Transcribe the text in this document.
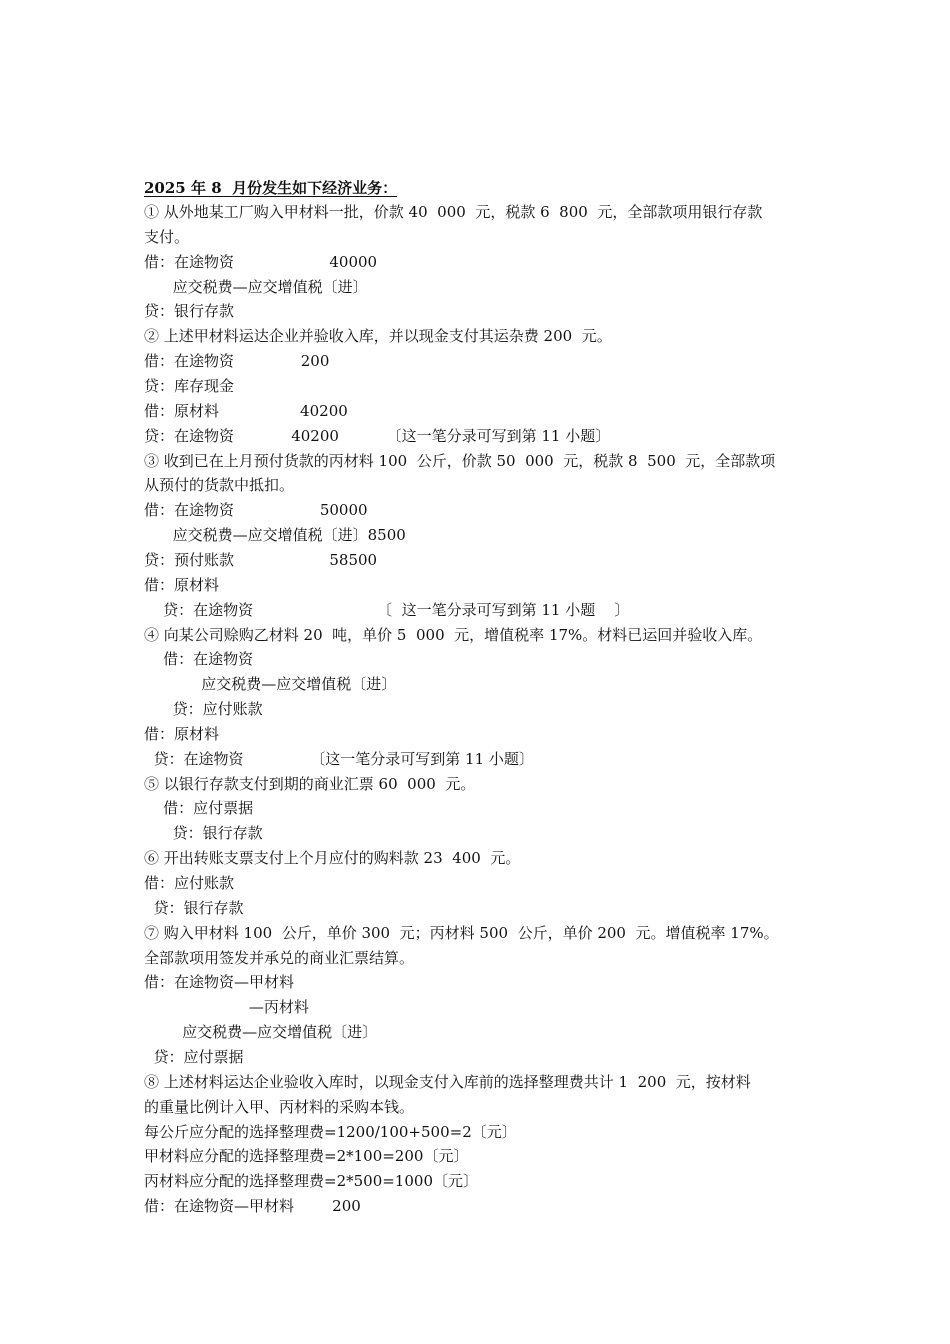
2025 年 8  月份发生如下经济业务：
① 从外地某工厂购入甲材料一批，价款 40  000  元，税款 6  800  元，全部款项用银行存款
支付。
借：在途物资                    40000
应交税费—应交增值税〔进〕
贷：银行存款
② 上述甲材料运达企业并验收入库，并以现金支付其运杂费 200  元。
借：在途物资              200
贷：库存现金
借：原材料                 40200
贷：在途物资            40200          〔这一笔分录可写到第 11 小题〕
③ 收到已在上月预付货款的丙材料 100  公斤，价款 50  000  元，税款 8  500  元，全部款项
从预付的货款中抵扣。
借：在途物资                  50000
应交税费—应交增值税〔进〕8500
贷：预付账款                    58500
借：原材料
贷：在途物资                          〔  这一笔分录可写到第 11 小题    〕
④ 向某公司赊购乙材料 20  吨，单价 5  000  元，增值税率 17%。材料已运回并验收入库。
借：在途物资
应交税费—应交增值税〔进〕
贷：应付账款
借：原材料
贷：在途物资              〔这一笔分录可写到第 11 小题〕
⑤ 以银行存款支付到期的商业汇票 60  000  元。
借：应付票据
贷：银行存款
⑥ 开出转账支票支付上个月应付的购料款 23  400  元。
借：应付账款
贷：银行存款
⑦ 购入甲材料 100  公斤，单价 300  元；丙材料 500  公斤，单价 200  元。增值税率 17%。
全部款项用签发并承兑的商业汇票结算。
借：在途物资—甲材料
—丙材料
应交税费—应交增值税〔进〕
贷：应付票据
⑧ 上述材料运达企业验收入库时，以现金支付入库前的选择整理费共计 1  200  元，按材料
的重量比例计入甲、丙材料的采购本钱。
每公斤应分配的选择整理费=1200/100+500=2〔元〕
甲材料应分配的选择整理费=2*100=200〔元〕
丙材料应分配的选择整理费=2*500=1000〔元〕
借：在途物资—甲材料        200
